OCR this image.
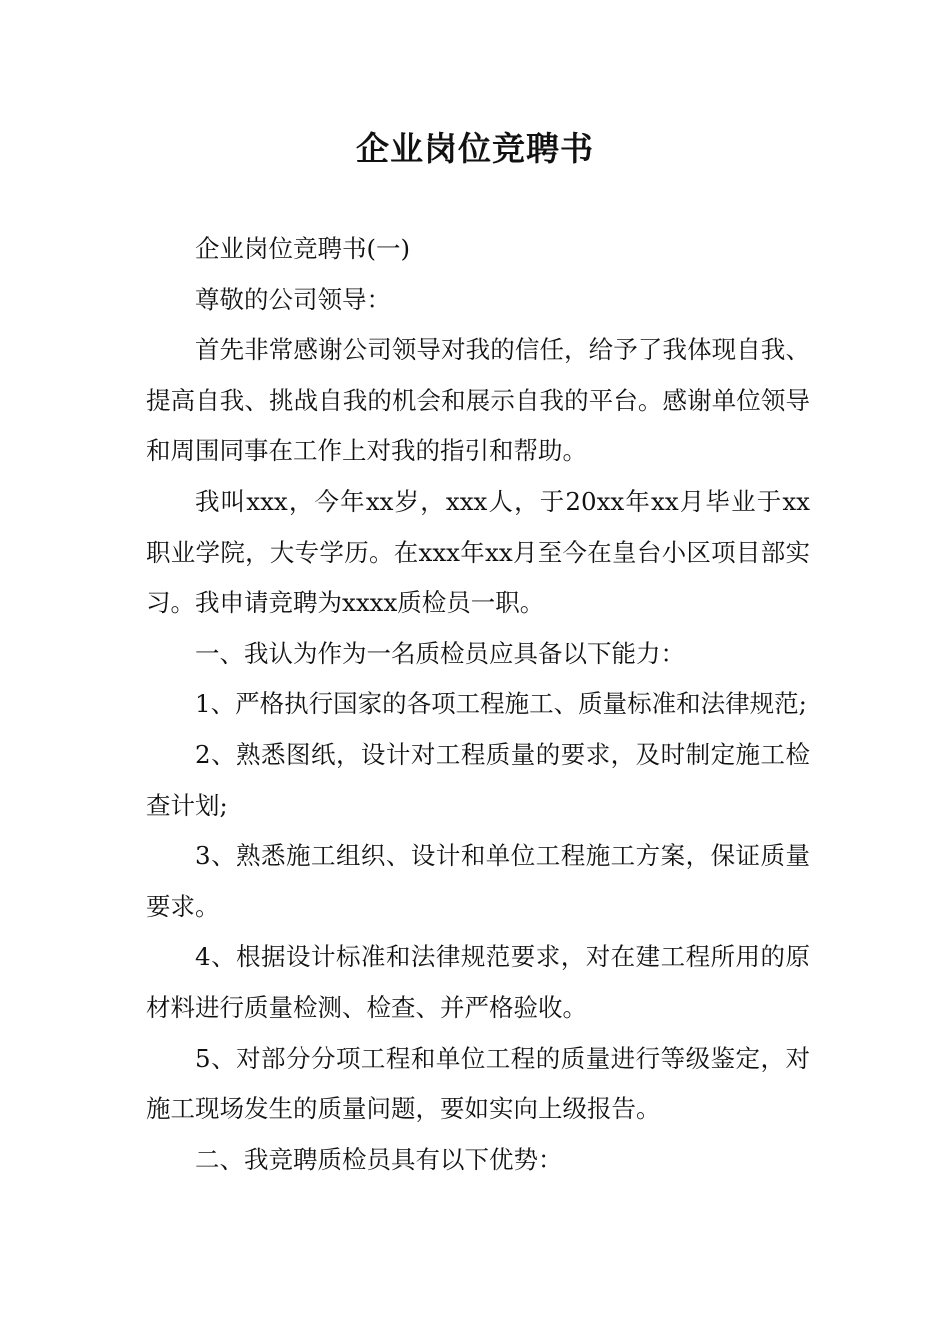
企业岗位竞聘书

企业岗位竞聘书(一)

尊敬的公司领导：

首先非常感谢公司领导对我的信任，给予了我体现自我、提高自我、挑战自我的机会和展示自我的平台。感谢单位领导和周围同事在工作上对我的指引和帮助。

我叫xxx，今年xx岁，xxx人，于20xx年xx月毕业于xx职业学院，大专学历。在xxx年xx月至今在皇台小区项目部实习。我申请竞聘为xxxx质检员一职。

一、我认为作为一名质检员应具备以下能力：

1、严格执行国家的各项工程施工、质量标准和法律规范;

2、熟悉图纸，设计对工程质量的要求，及时制定施工检查计划;

3、熟悉施工组织、设计和单位工程施工方案，保证质量要求。

4、根据设计标准和法律规范要求，对在建工程所用的原材料进行质量检测、检查、并严格验收。

5、对部分分项工程和单位工程的质量进行等级鉴定，对施工现场发生的质量问题，要如实向上级报告。

二、我竞聘质检员具有以下优势：
